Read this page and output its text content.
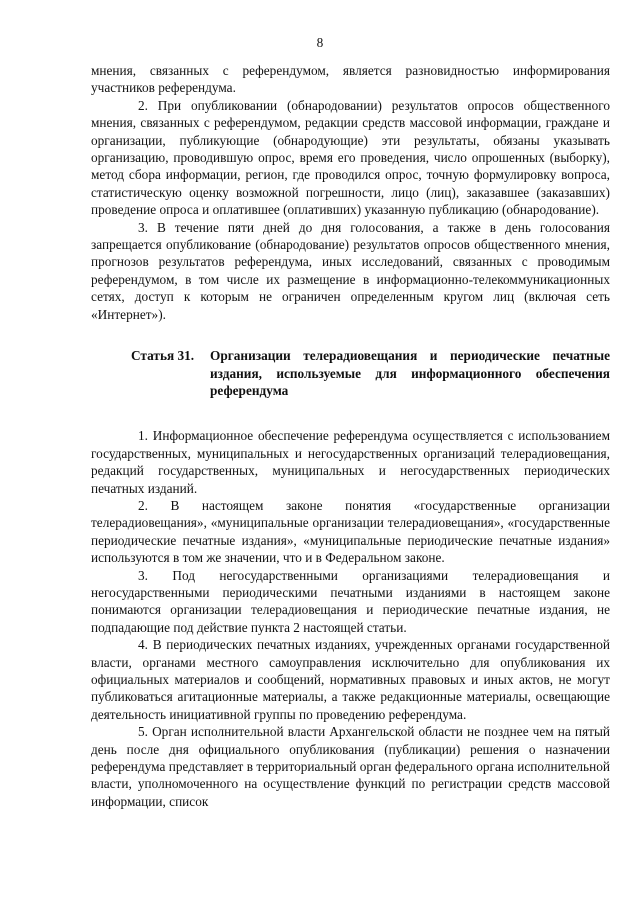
8

мнения, связанных с референдумом, является разновидностью информирования участников референдума.

2. При опубликовании (обнародовании) результатов опросов общественного мнения, связанных с референдумом, редакции средств массовой информации, граждане и организации, публикующие (обнародующие) эти результаты, обязаны указывать организацию, проводившую опрос, время его проведения, число опрошенных (выборку), метод сбора информации, регион, где проводился опрос, точную формулировку вопроса, статистическую оценку возможной погрешности, лицо (лиц), заказавшее (заказавших) проведение опроса и оплатившее (оплативших) указанную публикацию (обнародование).

3. В течение пяти дней до дня голосования, а также в день голосования запрещается опубликование (обнародование) результатов опросов общественного мнения, прогнозов результатов референдума, иных исследований, связанных с проводимым референдумом, в том числе их размещение в информационно-телекоммуникационных сетях, доступ к которым не ограничен определенным кругом лиц (включая сеть «Интернет»).

Статья 31.	Организации телерадиовещания и периодические печатные издания, используемые для информационного обеспечения референдума

1. Информационное обеспечение референдума осуществляется с использованием государственных, муниципальных и негосударственных организаций телерадиовещания, редакций государственных, муниципальных и негосударственных периодических печатных изданий.

2. В настоящем законе понятия «государственные организации телерадиовещания», «муниципальные организации телерадиовещания», «государственные периодические печатные издания», «муниципальные периодические печатные издания» используются в том же значении, что и в Федеральном законе.

3. Под негосударственными организациями телерадиовещания и негосударственными периодическими печатными изданиями в настоящем законе понимаются организации телерадиовещания и периодические печатные издания, не подпадающие под действие пункта 2 настоящей статьи.

4. В периодических печатных изданиях, учрежденных органами государственной власти, органами местного самоуправления исключительно для опубликования их официальных материалов и сообщений, нормативных правовых и иных актов, не могут публиковаться агитационные материалы, а также редакционные материалы, освещающие деятельность инициативной группы по проведению референдума.

5. Орган исполнительной власти Архангельской области не позднее чем на пятый день после дня официального опубликования (публикации) решения о назначении референдума представляет в территориальный орган федерального органа исполнительной власти, уполномоченного на осуществление функций по регистрации средств массовой информации, список
